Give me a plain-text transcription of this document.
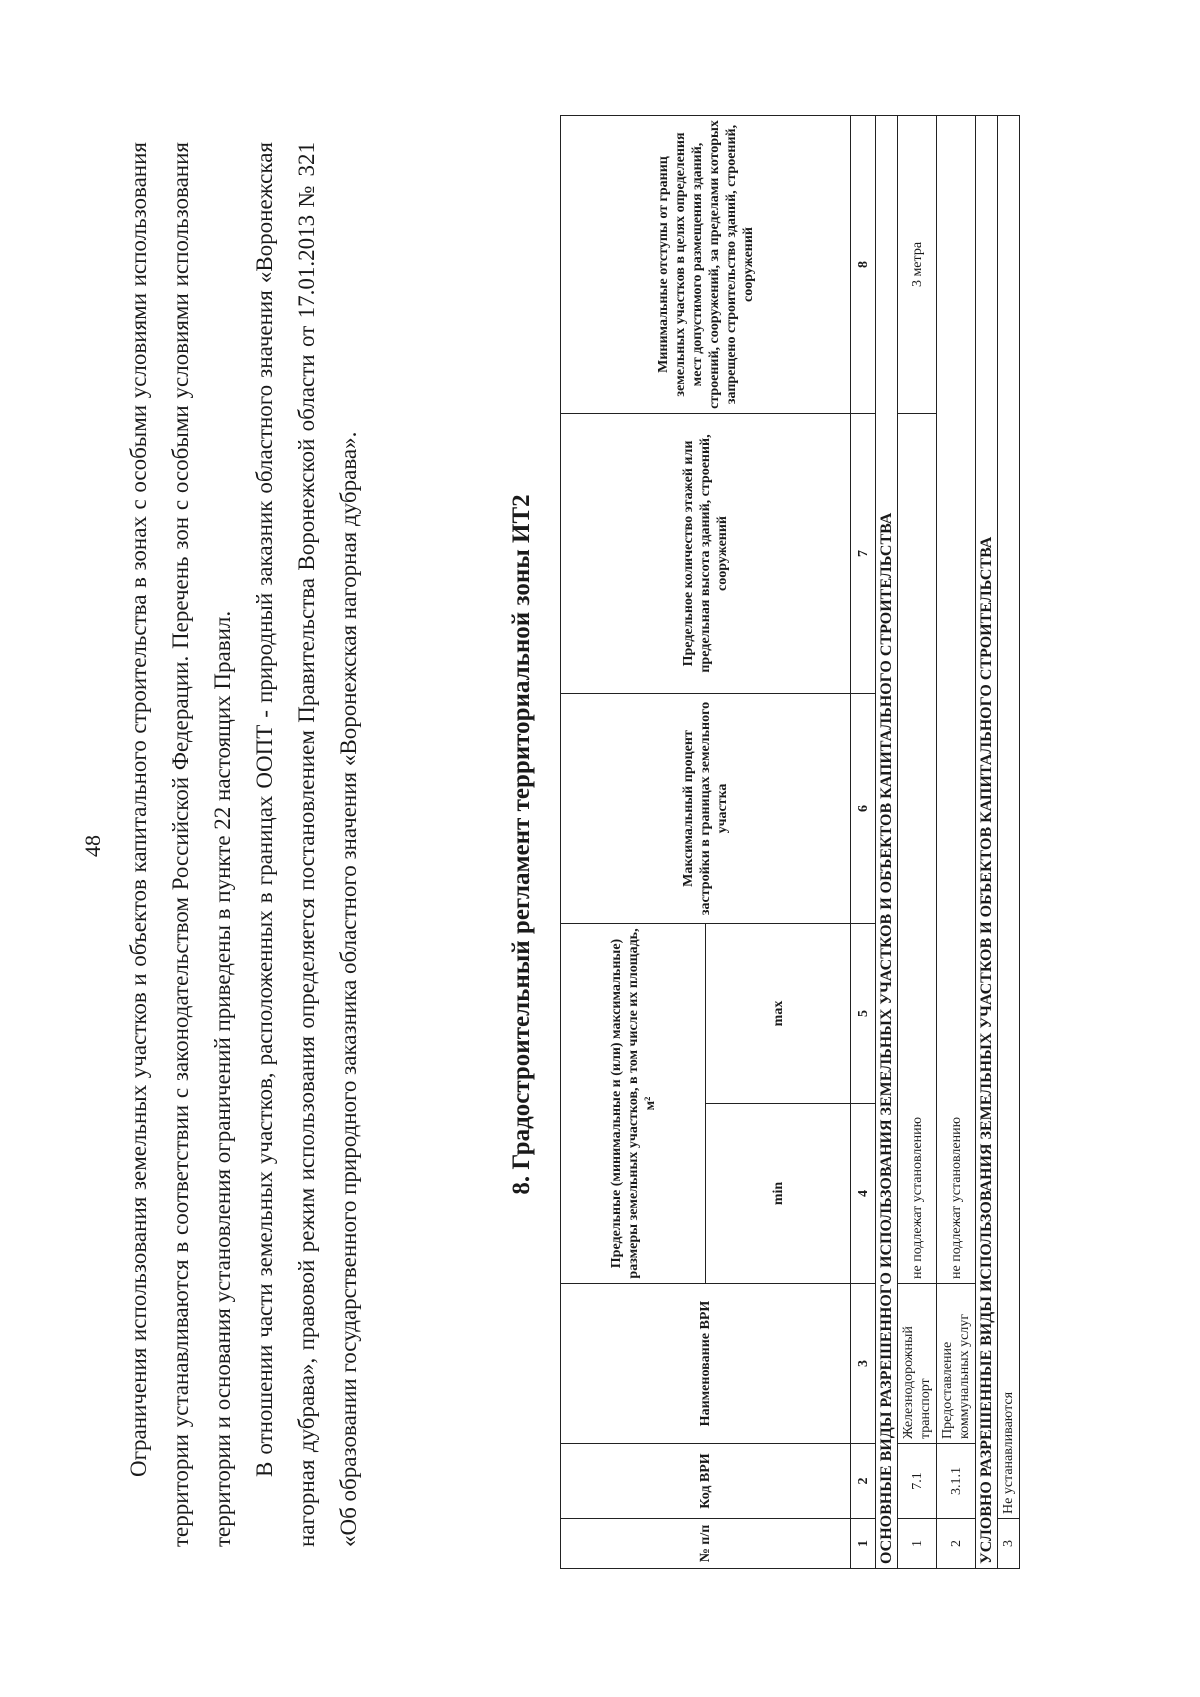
48 Ограничения использования земельных участков и объектов капитального строительства в зонах с особыми условиями использования территории устанавливаются в соответствии с законодательством Российской Федерации. Перечень зон с особыми условиями использования территории и основания установления ограничений приведены в пункте 22 настоящих Правил. В отношении части земельных участков, расположенных в границах ООПТ - природный заказник областного значения «Воронежская нагорная дубрава», правовой режим использования определяется постановлением Правительства Воронежской области от 17.01.2013 № 321 «Об образовании государственного природного заказника областного значения «Воронежская нагорная дубрава».	8. Градостроительный регламент территориальной зоны ИТ2
№ п/п	Код ВРИ	Наименование ВРИ	Предельные (минимальные и (или) максимальные) размеры земельных участков, в том числе их площадь, м²		Максимальный процент застройки в границах земельного участка	Предельное количество этажей или предельная высота зданий, строений, сооружений	Минимальные отступы от границ земельных участков в целях определения мест допустимого размещения зданий, строений, сооружений, за пределами которых запрещено строительство зданий, строений, сооружений
			min	max			
1	2	3	4	5	6	7	8
ОСНОВНЫЕ ВИДЫ РАЗРЕШЕННОГО ИСПОЛЬЗОВАНИЯ ЗЕМЕЛЬНЫХ УЧАСТКОВ И ОБЪЕКТОВ КАПИТАЛЬНОГО СТРОИТЕЛЬСТВА							
1	7.1	Железнодорожный транспорт	не подлежат установлению				3 метра
2	3.1.1	Предоставление коммунальных услуг	не подлежат установлению				
УСЛОВНО РАЗРЕШЕННЫЕ ВИДЫ ИСПОЛЬЗОВАНИЯ ЗЕМЕЛЬНЫХ УЧАСТКОВ И ОБЪЕКТОВ КАПИТАЛЬНОГО СТРОИТЕЛЬСТВА							
3	Не устанавливаются						
